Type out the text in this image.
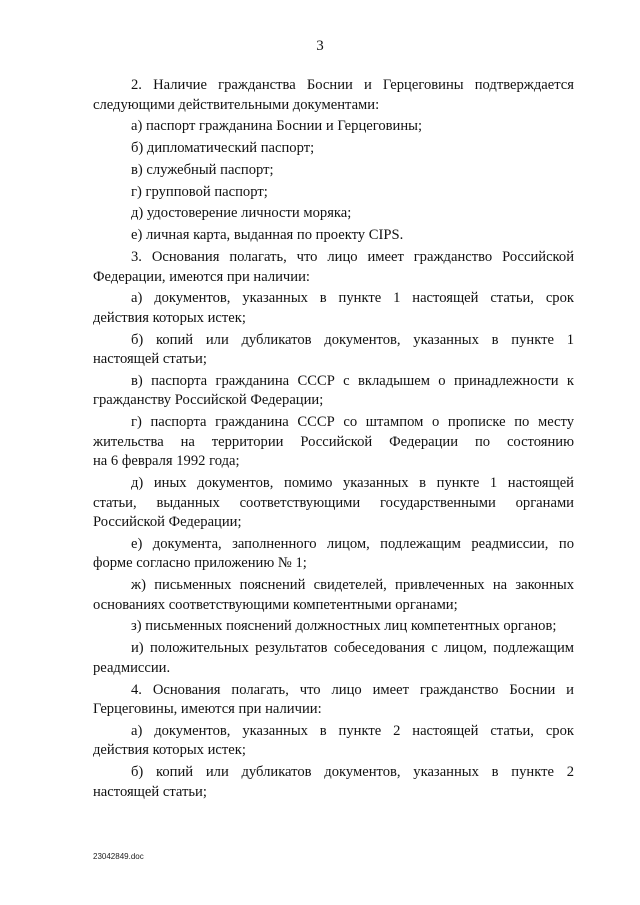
3
2. Наличие гражданства Боснии и Герцеговины подтверждается
следующими действительными документами:
а) паспорт гражданина Боснии и Герцеговины;
б) дипломатический паспорт;
в) служебный паспорт;
г) групповой паспорт;
д) удостоверение личности моряка;
е) личная карта, выданная по проекту CIPS.
3. Основания полагать, что лицо имеет гражданство Российской
Федерации, имеются при наличии:
а) документов, указанных в пункте 1 настоящей статьи, срок
действия которых истек;
б) копий или дубликатов документов, указанных в пункте 1
настоящей статьи;
в) паспорта гражданина СССР с вкладышем о принадлежности к
гражданству Российской Федерации;
г) паспорта гражданина СССР со штампом о прописке по месту
жительства на территории Российской Федерации по состоянию
на 6 февраля 1992 года;
д) иных документов, помимо указанных в пункте 1 настоящей
статьи, выданных соответствующими государственными органами
Российской Федерации;
е) документа, заполненного лицом, подлежащим реадмиссии, по
форме согласно приложению № 1;
ж) письменных пояснений свидетелей, привлеченных на законных
основаниях соответствующими компетентными органами;
з) письменных пояснений должностных лиц компетентных органов;
и) положительных результатов собеседования с лицом, подлежащим
реадмиссии.
4. Основания полагать, что лицо имеет гражданство Боснии и
Герцеговины, имеются при наличии:
а) документов, указанных в пункте 2 настоящей статьи, срок
действия которых истек;
б) копий или дубликатов документов, указанных в пункте 2
настоящей статьи;
23042849.doc
